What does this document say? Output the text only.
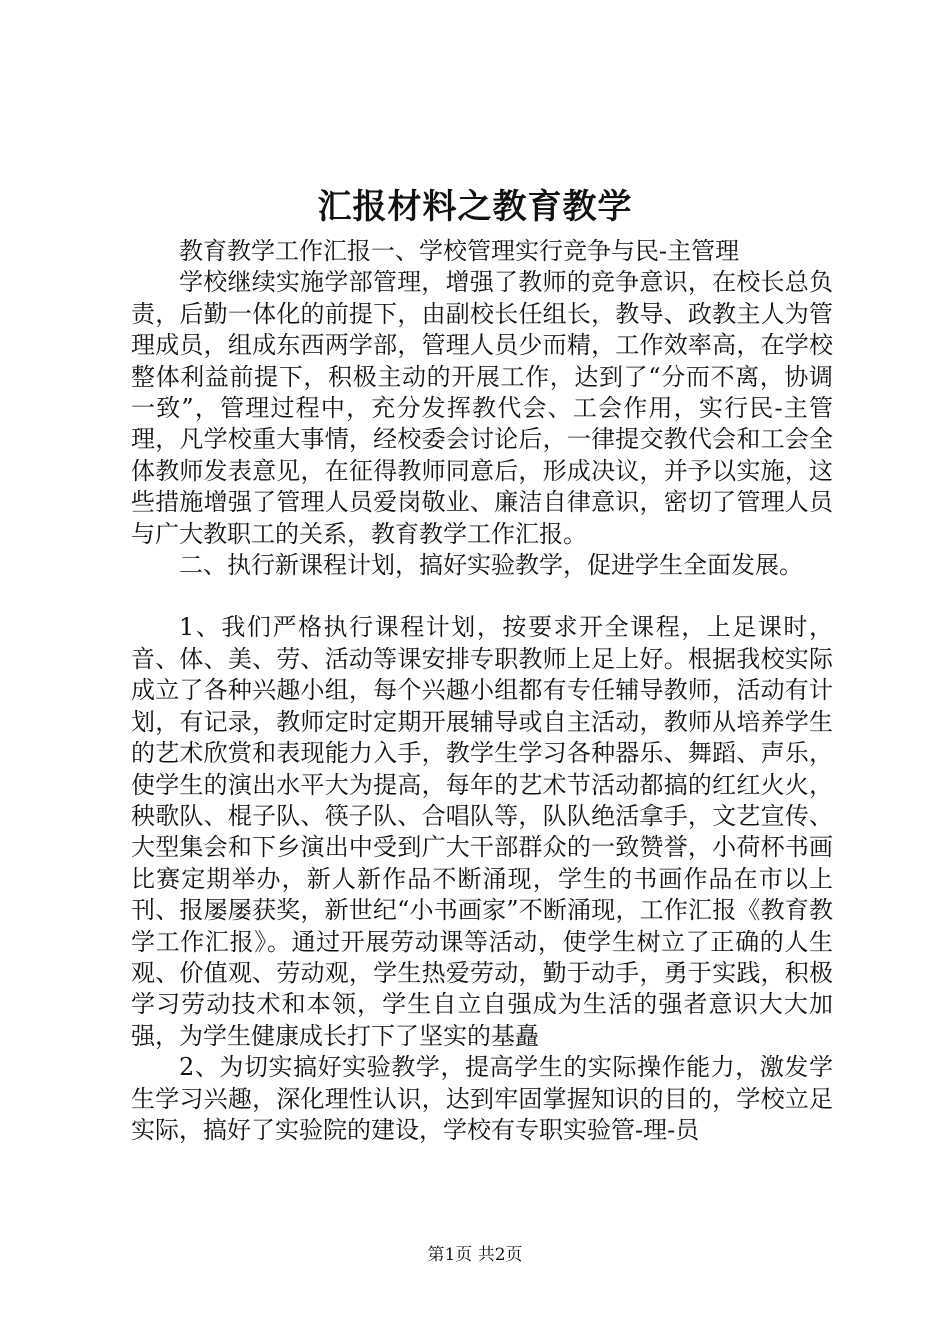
汇报材料之教育教学

教育教学工作汇报一、学校管理实行竞争与民-主管理

学校继续实施学部管理，增强了教师的竞争意识，在校长总负责，后勤一体化的前提下，由副校长任组长，教导、政教主人为管理成员，组成东西两学部，管理人员少而精，工作效率高，在学校整体利益前提下，积极主动的开展工作，达到了“分而不离，协调一致”，管理过程中，充分发挥教代会、工会作用，实行民-主管理，凡学校重大事情，经校委会讨论后，一律提交教代会和工会全体教师发表意见，在征得教师同意后，形成决议，并予以实施，这些措施增强了管理人员爱岗敬业、廉洁自律意识，密切了管理人员与广大教职工的关系，教育教学工作汇报。

二、执行新课程计划，搞好实验教学，促进学生全面发展。

1、我们严格执行课程计划，按要求开全课程，上足课时，音、体、美、劳、活动等课安排专职教师上足上好。根据我校实际成立了各种兴趣小组，每个兴趣小组都有专任辅导教师，活动有计划，有记录，教师定时定期开展辅导或自主活动，教师从培养学生的艺术欣赏和表现能力入手，教学生学习各种器乐、舞蹈、声乐，使学生的演出水平大为提高，每年的艺术节活动都搞的红红火火，秧歌队、棍子队、筷子队、合唱队等，队队绝活拿手，文艺宣传、大型集会和下乡演出中受到广大干部群众的一致赞誉，小荷杯书画比赛定期举办，新人新作品不断涌现，学生的书画作品在市以上刊、报屡屡获奖，新世纪“小书画家”不断涌现，工作汇报《教育教学工作汇报》。通过开展劳动课等活动，使学生树立了正确的人生观、价值观、劳动观，学生热爱劳动，勤于动手，勇于实践，积极学习劳动技术和本领，学生自立自强成为生活的强者意识大大加强，为学生健康成长打下了坚实的基矗

2、为切实搞好实验教学，提高学生的实际操作能力，激发学生学习兴趣，深化理性认识，达到牢固掌握知识的目的，学校立足实际，搞好了实验院的建设，学校有专职实验管-理-员

第1页 共2页
